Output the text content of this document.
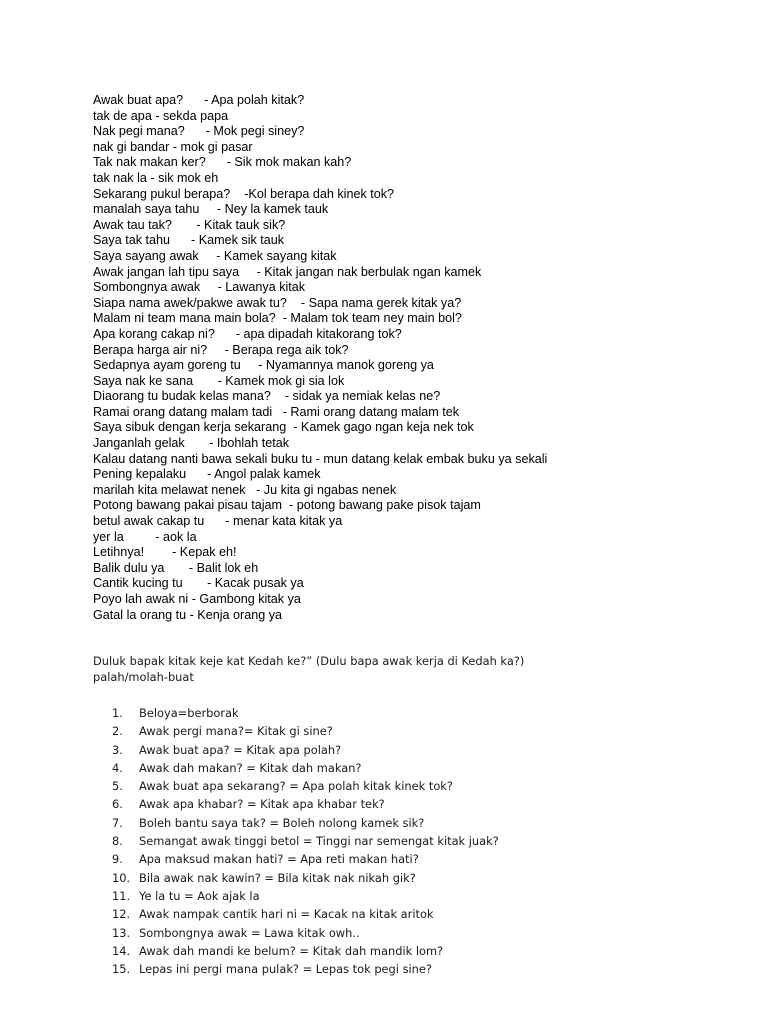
Awak buat apa?      - Apa polah kitak?
tak de apa - sekda papa
Nak pegi mana?      - Mok pegi siney?
nak gi bandar - mok gi pasar
Tak nak makan ker?      - Sik mok makan kah?
tak nak la - sik mok eh
Sekarang pukul berapa?    -Kol berapa dah kinek tok?
manalah saya tahu     - Ney la kamek tauk
Awak tau tak?       - Kitak tauk sik?
Saya tak tahu      - Kamek sik tauk
Saya sayang awak     - Kamek sayang kitak
Awak jangan lah tipu saya     - Kitak jangan nak berbulak ngan kamek
Sombongnya awak     - Lawanya kitak
Siapa nama awek/pakwe awak tu?    - Sapa nama gerek kitak ya?
Malam ni team mana main bola?  - Malam tok team ney main bol?
Apa korang cakap ni?      - apa dipadah kitakorang tok?
Berapa harga air ni?     - Berapa rega aik tok?
Sedapnya ayam goreng tu     - Nyamannya manok goreng ya
Saya nak ke sana       - Kamek mok gi sia lok
Diaorang tu budak kelas mana?    - sidak ya nemiak kelas ne?
Ramai orang datang malam tadi   - Rami orang datang malam tek
Saya sibuk dengan kerja sekarang  - Kamek gago ngan keja nek tok
Janganlah gelak       - Ibohlah tetak
Kalau datang nanti bawa sekali buku tu - mun datang kelak embak buku ya sekali
Pening kepalaku      - Angol palak kamek
marilah kita melawat nenek   - Ju kita gi ngabas nenek
Potong bawang pakai pisau tajam  - potong bawang pake pisok tajam
betul awak cakap tu      - menar kata kitak ya
yer la         - aok la
Letihnya!        - Kepak eh!
Balik dulu ya       - Balit lok eh
Cantik kucing tu       - Kacak pusak ya
Poyo lah awak ni - Gambong kitak ya
Gatal la orang tu - Kenja orang ya
Duluk bapak kitak keje kat Kedah ke?” (Dulu bapa awak kerja di Kedah ka?)
palah/molah-buat
1.	Beloya=berborak
2.	Awak pergi mana?= Kitak gi sine?
3.	Awak buat apa? = Kitak apa polah?
4.	Awak dah makan? = Kitak dah makan?
5.	Awak buat apa sekarang? = Apa polah kitak kinek tok?
6.	Awak apa khabar? = Kitak apa khabar tek?
7.	Boleh bantu saya tak? = Boleh nolong kamek sik?
8.	Semangat awak tinggi betol = Tinggi nar semengat kitak juak?
9.	Apa maksud makan hati? = Apa reti makan hati?
10. Bila awak nak kawin? = Bila kitak nak nikah gik?
11. Ye la tu = Aok ajak la
12. Awak nampak cantik hari ni = Kacak na kitak aritok
13. Sombongnya awak = Lawa kitak owh..
14. Awak dah mandi ke belum? = Kitak dah mandik lom?
15. Lepas ini pergi mana pulak? = Lepas tok pegi sine?
